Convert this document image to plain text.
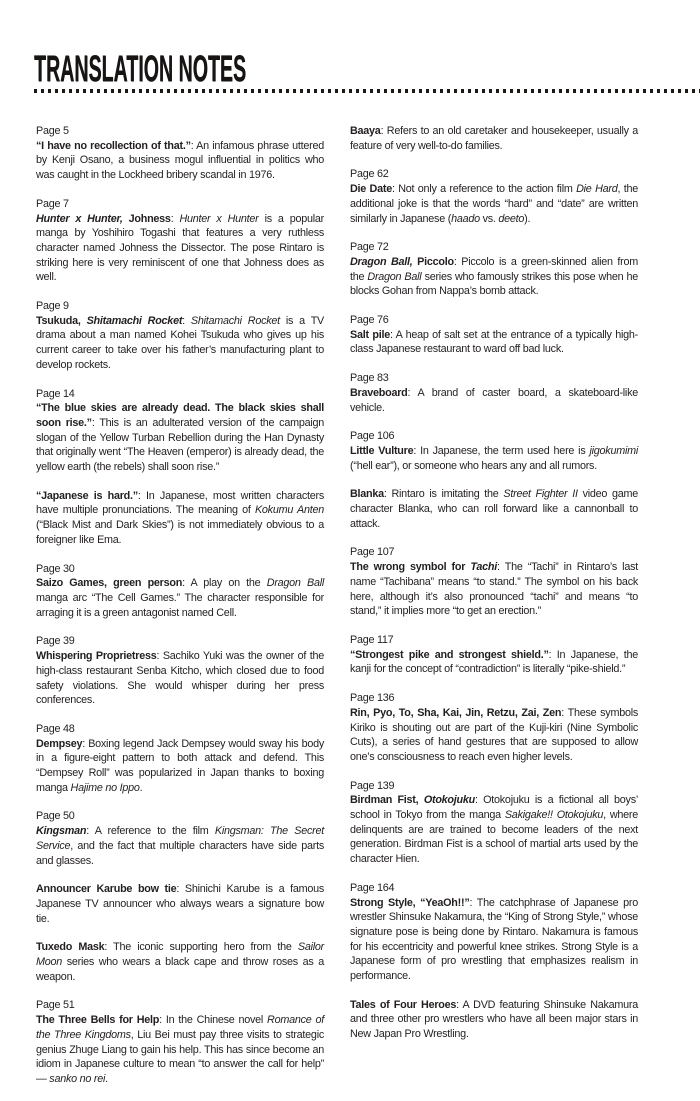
TRANSLATION NOTES
Page 5

“I have no recollection of that.”: An infamous phrase uttered by Kenji Osano, a business mogul influential in politics who was caught in the Lockheed bribery scandal in 1976.

Page 7

Hunter x Hunter, Johness: Hunter x Hunter is a popular manga by Yoshihiro Togashi that features a very ruthless character named Johness the Dissector. The pose Rintaro is striking here is very reminiscent of one that Johness does as well.

Page 9

Tsukuda, Shitamachi Rocket: Shitamachi Rocket is a TV drama about a man named Kohei Tsukuda who gives up his current career to take over his father’s manufacturing plant to develop rockets.

Page 14

“The blue skies are already dead. The black skies shall soon rise.”: This is an adulterated version of the campaign slogan of the Yellow Turban Rebellion during the Han Dynasty that originally went “The Heaven (emperor) is already dead, the yellow earth (the rebels) shall soon rise.”

“Japanese is hard.”: In Japanese, most written characters have multiple pronunciations. The meaning of Kokumu Anten (“Black Mist and Dark Skies”) is not immediately obvious to a foreigner like Ema.

Page 30

Saizo Games, green person: A play on the Dragon Ball manga arc “The Cell Games.” The character responsible for arraging it is a green antagonist named Cell.

Page 39

Whispering Proprietress: Sachiko Yuki was the owner of the high-class restaurant Senba Kitcho, which closed due to food safety violations. She would whisper during her press conferences.

Page 48

Dempsey: Boxing legend Jack Dempsey would sway his body in a figure-eight pattern to both attack and defend. This “Dempsey Roll” was popularized in Japan thanks to boxing manga Hajime no Ippo.

Page 50

Kingsman: A reference to the film Kingsman: The Secret Service, and the fact that multiple characters have side parts and glasses.

Announcer Karube bow tie: Shinichi Karube is a famous Japanese TV announcer who always wears a signature bow tie.

Tuxedo Mask: The iconic supporting hero from the Sailor Moon series who wears a black cape and throw roses as a weapon.

Page 51

The Three Bells for Help: In the Chinese novel Romance of the Three Kingdoms, Liu Bei must pay three visits to strategic genius Zhuge Liang to gain his help. This has since become an idiom in Japanese culture to mean “to answer the call for help” — sanko no rei.

Baaya: Refers to an old caretaker and housekeeper, usually a feature of very well-to-do families.

Page 62

Die Date: Not only a reference to the action film Die Hard, the additional joke is that the words “hard” and “date” are written similarly in Japanese (haado vs. deeto).

Page 72

Dragon Ball, Piccolo: Piccolo is a green-skinned alien from the Dragon Ball series who famously strikes this pose when he blocks Gohan from Nappa’s bomb attack.

Page 76

Salt pile: A heap of salt set at the entrance of a typically high-class Japanese restaurant to ward off bad luck.

Page 83

Braveboard: A brand of caster board, a skateboard-like vehicle.

Page 106

Little Vulture: In Japanese, the term used here is jigokumimi (“hell ear”), or someone who hears any and all rumors.

Blanka: Rintaro is imitating the Street Fighter II video game character Blanka, who can roll forward like a cannonball to attack.

Page 107

The wrong symbol for Tachi: The “Tachi” in Rintaro’s last name “Tachibana” means “to stand.” The symbol on his back here, although it’s also pronounced “tachi” and means “to stand,” it implies more “to get an erection.”

Page 117

“Strongest pike and strongest shield.”: In Japanese, the kanji for the concept of “contradiction” is literally “pike-shield.”

Page 136

Rin, Pyo, To, Sha, Kai, Jin, Retzu, Zai, Zen: These symbols Kiriko is shouting out are part of the Kuji-kiri (Nine Symbolic Cuts), a series of hand gestures that are supposed to allow one’s consciousness to reach even higher levels.

Page 139

Birdman Fist, Otokojuku: Otokojuku is a fictional all boys’ school in Tokyo from the manga Sakigake!! Otokojuku, where delinquents are are trained to become leaders of the next generation. Birdman Fist is a school of martial arts used by the character Hien.

Page 164

Strong Style, “YeaOh!!”: The catchphrase of Japanese pro wrestler Shinsuke Nakamura, the “King of Strong Style,” whose signature pose is being done by Rintaro. Nakamura is famous for his eccentricity and powerful knee strikes. Strong Style is a Japanese form of pro wrestling that emphasizes realism in performance.

Tales of Four Heroes: A DVD featuring Shinsuke Nakamura and three other pro wrestlers who have all been major stars in New Japan Pro Wrestling.
